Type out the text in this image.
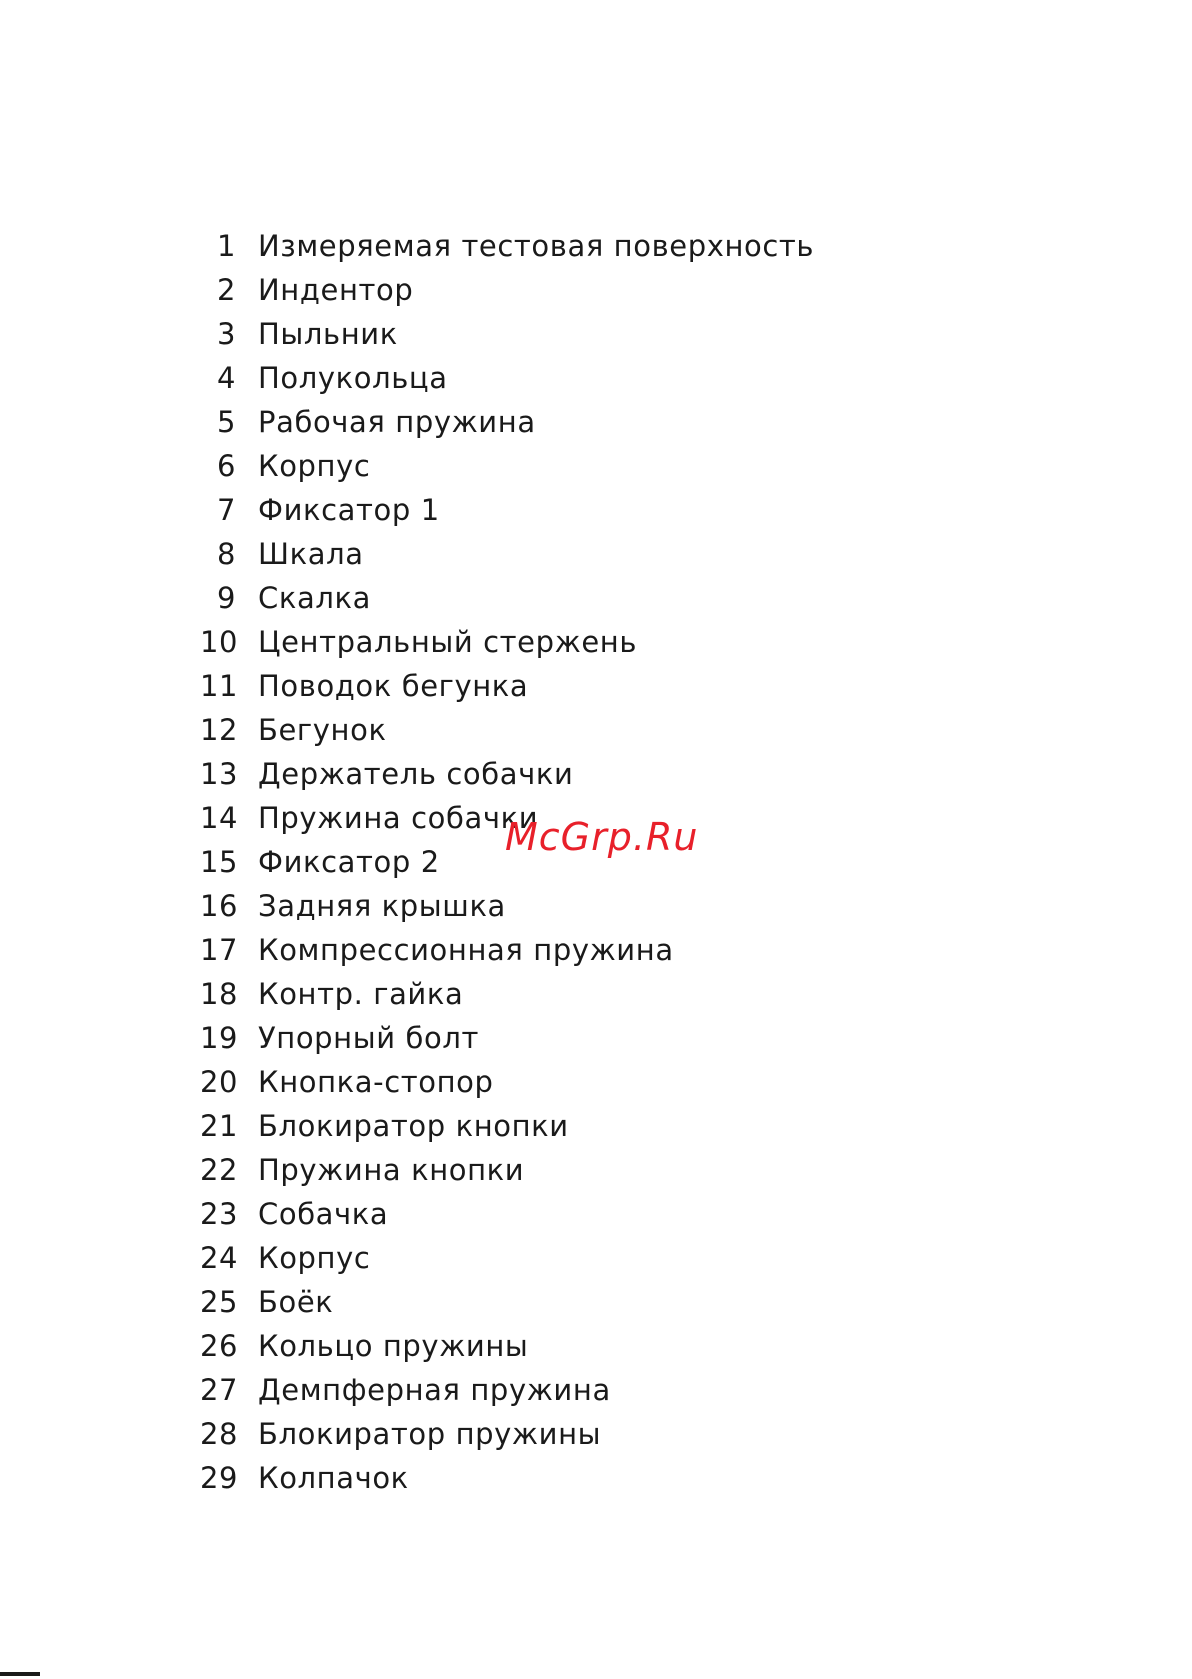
1 Измеряемая тестовая поверхность
2 Индентор
3 Пыльник
4 Полукольца
5 Рабочая пружина
6 Корпус
7 Фиксатор 1
8 Шкала
9 Скалка
10 Центральный стержень
11 Поводок бегунка
12 Бегунок
13 Держатель собачки
14 Пружина собачки
15 Фиксатор 2
16 Задняя крышка
17 Компрессионная пружина
18 Контр. гайка
19 Упорный болт
20 Кнопка-стопор
21 Блокиратор кнопки
22 Пружина кнопки
23 Собачка
24 Корпус
25 Боёк
26 Кольцо пружины
27 Демпферная пружина
28 Блокиратор пружины
29 Колпачок
McGrp.Ru
